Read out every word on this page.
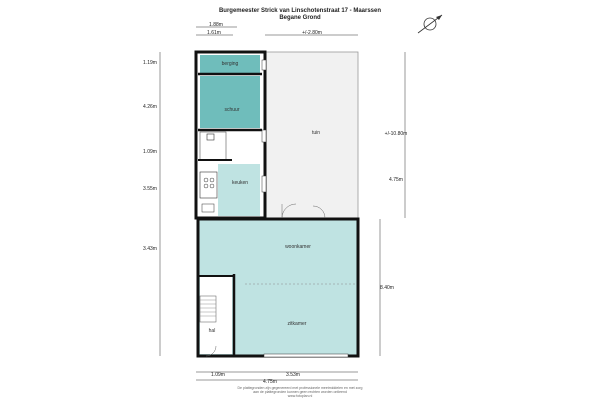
Burgemeester Strick van Linschotenstraat 17 - Maarssen
Begane Grond
berging
schuur
tuin
keuken
woonkamer
zitkamer
hal
1.88m
1.61m	+/-2.80m
1.19m
4.26m
1.09m
3.55m
3.43m
+/-10.80m
4.75m
8.40m
1.09m	3.53m
4.75m
De plattegronden zijn gegenereerd met professionele meetmiddelen en met zorg
aan de plattegronden kunnen geen rechten worden ontleend
www.fotoplan.nl
